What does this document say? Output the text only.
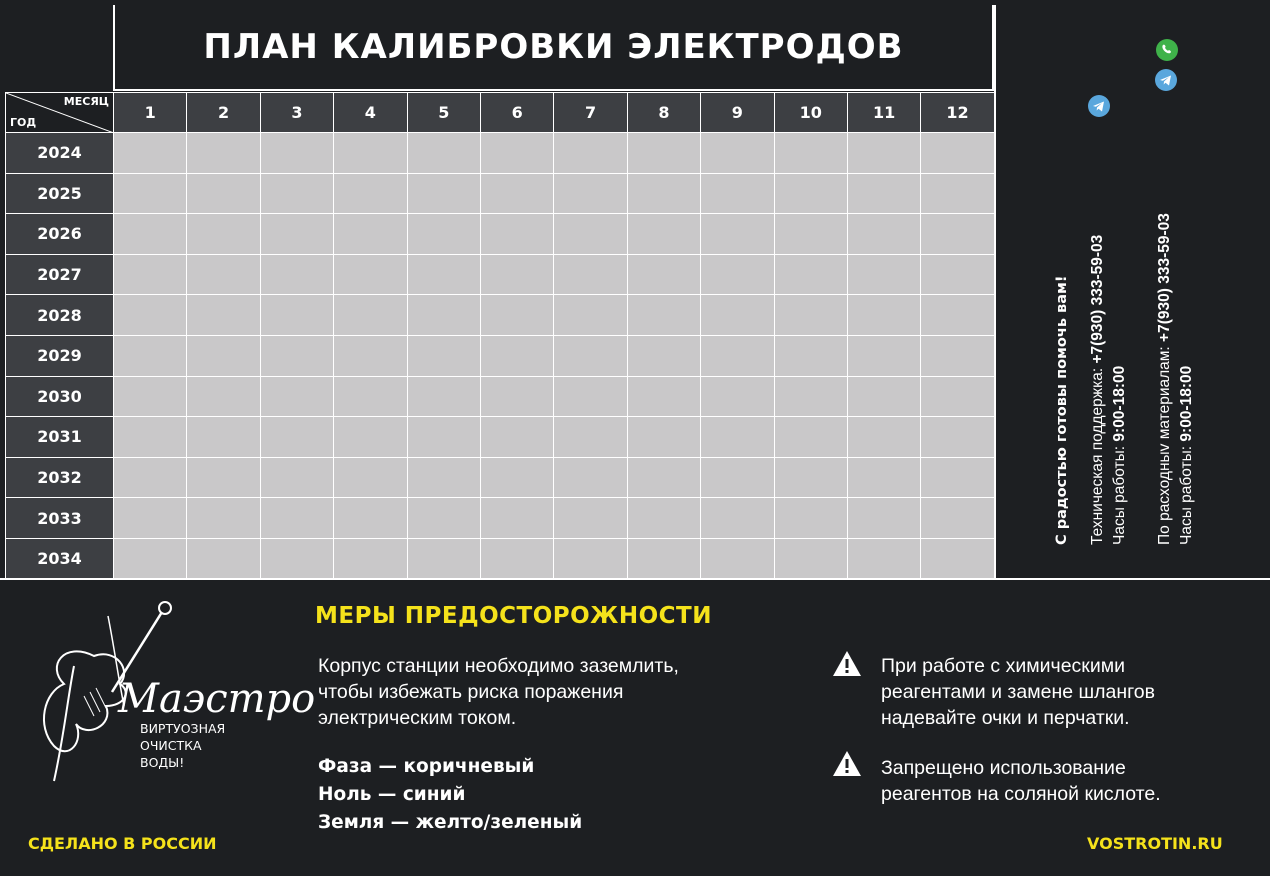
ПЛАН КАЛИБРОВКИ ЭЛЕКТРОДОВ
МЕСЯЦ
ГОД	1	2	3	4	5	6	7	8	9	10	11	12
2024												
2025												
2026												
2027												
2028												
2029												
2030												
2031												
2032												
2033												
2034												
С радостью готовы помочь вам! Техническая поддержка: +7(930) 333-59-03
Часы работы: 9:00-18:00 По расходныv материалам: +7(930) 333-59-03
Часы работы: 9:00-18:00
Маэстро
ВИРТУОЗНАЯ
ОЧИСТКА
ВОДЫ!
МЕРЫ ПРЕДОСТОРОЖНОСТИ
Корпус станции необходимо заземлить,
чтобы избежать риска поражения
электрическим током.
Фаза — коричневый
Ноль — синий
Земля — желто/зеленый
При работе с химическими
реагентами и замене шлангов
надевайте очки и перчатки.
Запрещено использование
реагентов на соляной кислоте.
СДЕЛАНО В РОССИИ	VOSTROTIN.RU
